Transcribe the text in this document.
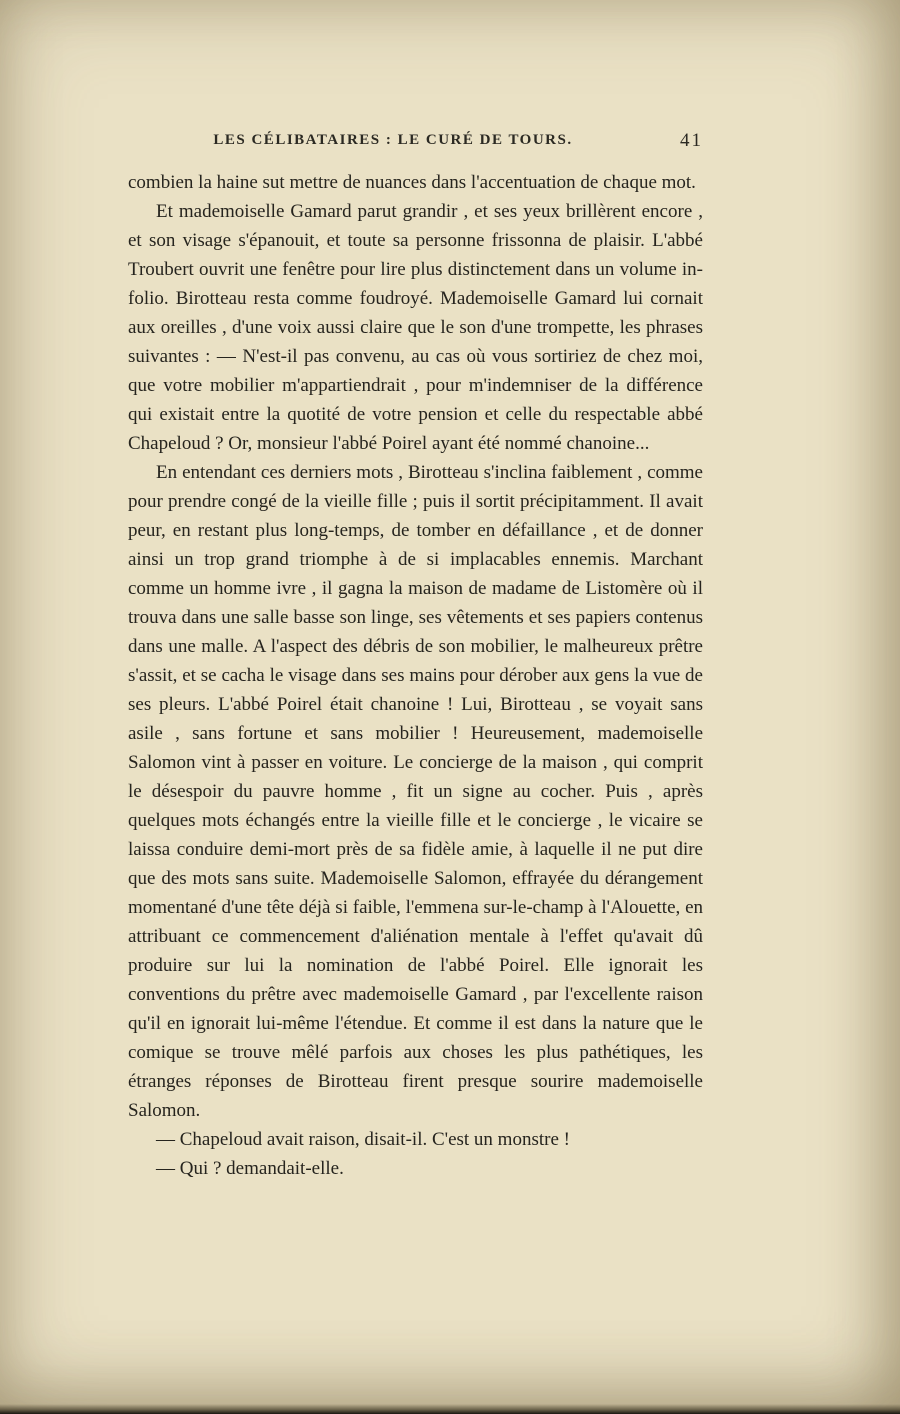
LES CÉLIBATAIRES : LE CURÉ DE TOURS.	41

combien la haine sut mettre de nuances dans l'accentuation de chaque mot.

Et mademoiselle Gamard parut grandir , et ses yeux brillèrent encore , et son visage s'épanouit, et toute sa personne frissonna de plaisir. L'abbé Troubert ouvrit une fenêtre pour lire plus distinctement dans un volume in-folio. Birotteau resta comme foudroyé. Mademoiselle Gamard lui cornait aux oreilles , d'une voix aussi claire que le son d'une trompette, les phrases suivantes : — N'est-il pas convenu, au cas où vous sortiriez de chez moi, que votre mobilier m'appartiendrait , pour m'indemniser de la différence qui existait entre la quotité de votre pension et celle du respectable abbé Chapeloud ? Or, monsieur l'abbé Poirel ayant été nommé chanoine...

En entendant ces derniers mots , Birotteau s'inclina faiblement , comme pour prendre congé de la vieille fille ; puis il sortit précipitamment. Il avait peur, en restant plus long-temps, de tomber en défaillance , et de donner ainsi un trop grand triomphe à de si implacables ennemis. Marchant comme un homme ivre , il gagna la maison de madame de Listomère où il trouva dans une salle basse son linge, ses vêtements et ses papiers contenus dans une malle. A l'aspect des débris de son mobilier, le malheureux prêtre s'assit, et se cacha le visage dans ses mains pour dérober aux gens la vue de ses pleurs. L'abbé Poirel était chanoine ! Lui, Birotteau , se voyait sans asile , sans fortune et sans mobilier ! Heureusement, mademoiselle Salomon vint à passer en voiture. Le concierge de la maison , qui comprit le désespoir du pauvre homme , fit un signe au cocher. Puis , après quelques mots échangés entre la vieille fille et le concierge , le vicaire se laissa conduire demi-mort près de sa fidèle amie, à laquelle il ne put dire que des mots sans suite. Mademoiselle Salomon, effrayée du dérangement momentané d'une tête déjà si faible, l'emmena sur-le-champ à l'Alouette, en attribuant ce commencement d'aliénation mentale à l'effet qu'avait dû produire sur lui la nomination de l'abbé Poirel. Elle ignorait les conventions du prêtre avec mademoiselle Gamard , par l'excellente raison qu'il en ignorait lui-même l'étendue. Et comme il est dans la nature que le comique se trouve mêlé parfois aux choses les plus pathétiques, les étranges réponses de Birotteau firent presque sourire mademoiselle Salomon.

— Chapeloud avait raison, disait-il. C'est un monstre !

— Qui ? demandait-elle.
